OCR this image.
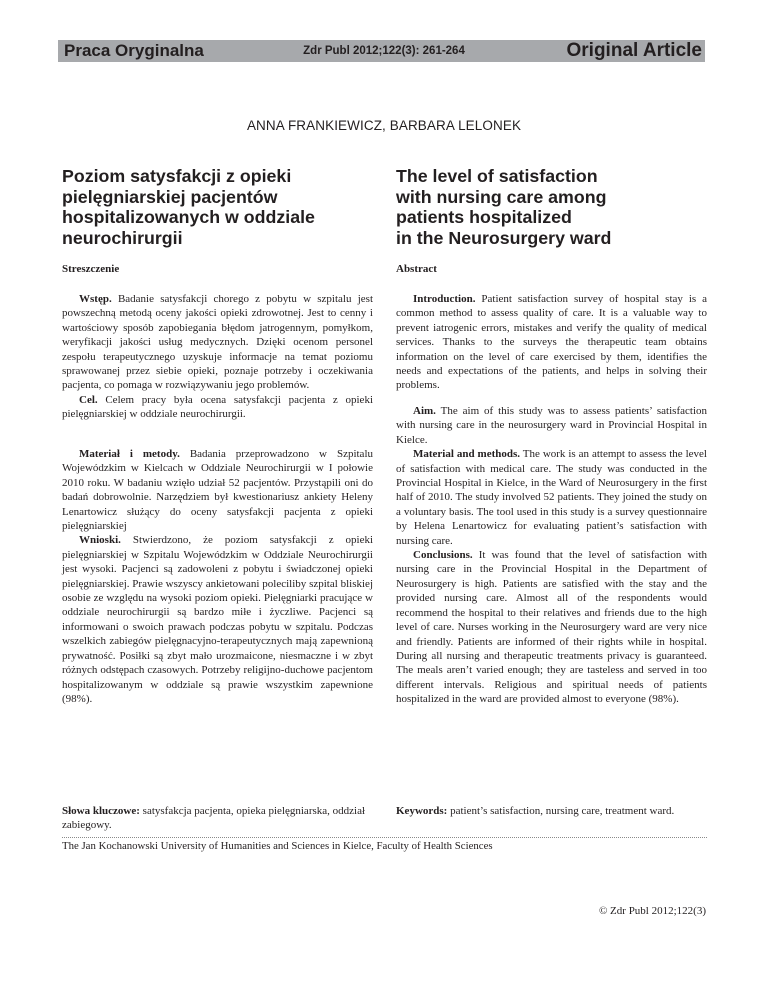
Praca Oryginalna	Zdr Publ 2012;122(3): 261-264	Original Article
ANNA FRANKIEWICZ, BARBARA LELONEK
Poziom satysfakcji z opieki
pielęgniarskiej pacjentów
hospitalizowanych w oddziale
neurochirurgii
Streszczenie

Wstęp. Badanie satysfakcji chorego z pobytu w szpitalu jest powszechną metodą oceny jakości opieki zdrowotnej. Jest to cenny i wartościowy sposób zapobiegania błędom jatrogennym, pomyłkom, weryfikacji jakości usług medycznych. Dzięki ocenom personel zespołu terapeutycznego uzyskuje informacje na temat poziomu sprawowanej przez siebie opieki, poznaje potrzeby i oczekiwania pacjenta, co pomaga w rozwiązywaniu jego problemów.

Cel. Celem pracy była ocena satysfakcji pacjenta z opieki pielęgniarskiej w oddziale neurochirurgii.

Materiał i metody. Badania przeprowadzono w Szpitalu Wojewódzkim w Kielcach w Oddziale Neurochirurgii w I połowie 2010 roku. W badaniu wzięło udział 52 pacjentów. Przystąpili oni do badań dobrowolnie. Narzędziem był kwestionariusz ankiety Heleny Lenartowicz służący do oceny satysfakcji pacjenta z opieki pielęgniarskiej

Wnioski. Stwierdzono, że poziom satysfakcji z opieki pielęgniarskiej w Szpitalu Wojewódzkim w Oddziale Neurochirurgii jest wysoki. Pacjenci są zadowoleni z pobytu i świadczonej opieki pielęgniarskiej. Prawie wszyscy ankietowani poleciliby szpital bliskiej osobie ze względu na wysoki poziom opieki. Pielęgniarki pracujące w oddziale neurochirurgii są bardzo miłe i życzliwe. Pacjenci są informowani o swoich prawach podczas pobytu w szpitalu. Podczas wszelkich zabiegów pielęgnacyjno-terapeutycznych mają zapewnioną prywatność. Posiłki są zbyt mało urozmaicone, niesmaczne i w zbyt różnych odstępach czasowych. Potrzeby religijno-duchowe pacjentom hospitalizowanym w oddziale są prawie wszystkim zapewnione (98%).

Słowa kluczowe: satysfakcja pacjenta, opieka pielęgniarska, oddział zabiegowy.
The level of satisfaction
with nursing care among
patients hospitalized
in the Neurosurgery ward
Abstract

Introduction. Patient satisfaction survey of hospital stay is a common method to assess quality of care. It is a valuable way to prevent iatrogenic errors, mistakes and verify the quality of medical services. Thanks to the surveys the therapeutic team obtains information on the level of care exercised by them, identifies the needs and expectations of the patients, and helps in solving their problems.

Aim. The aim of this study was to assess patients’ satisfaction with nursing care in the neurosurgery ward in Provincial Hospital in Kielce.

Material and methods. The work is an attempt to assess the level of satisfaction with medical care. The study was conducted in the Provincial Hospital in Kielce, in the Ward of Neurosurgery in the first half of 2010. The study involved 52 patients. They joined the study on a voluntary basis. The tool used in this study is a survey questionnaire by Helena Lenartowicz for evaluating patient’s satisfaction with nursing care.

Conclusions. It was found that the level of satisfaction with nursing care in the Provincial Hospital in the Department of Neurosurgery is high. Patients are satisfied with the stay and the provided nursing care. Almost all of the respondents would recommend the hospital to their relatives and friends due to the high level of care. Nurses working in the Neurosurgery ward are very nice and friendly. Patients are informed of their rights while in hospital. During all nursing and therapeutic treatments privacy is guaranteed. The meals aren’t varied enough; they are tasteless and served in too different intervals. Religious and spiritual needs of patients hospitalized in the ward are provided almost to everyone (98%).

Keywords: patient’s satisfaction, nursing care, treatment ward.
The Jan Kochanowski University of Humanities and Sciences in Kielce, Faculty of Health Sciences
© Zdr Publ 2012;122(3)
